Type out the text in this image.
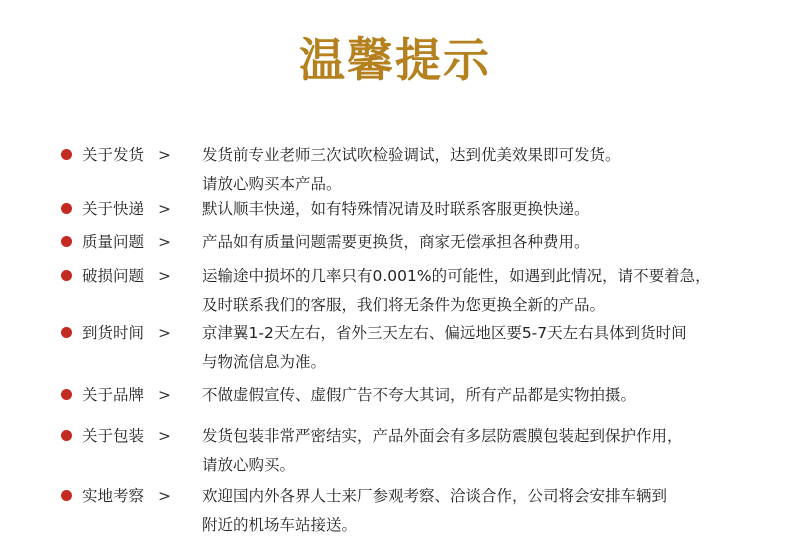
温馨提示
关于发货 > 发货前专业老师三次试吹检验调试，达到优美效果即可发货。
请放心购买本产品。
关于快递 > 默认顺丰快递，如有特殊情况请及时联系客服更换快递。
质量问题 > 产品如有质量问题需要更换货，商家无偿承担各种费用。
破损问题 > 运输途中损坏的几率只有0.001%的可能性，如遇到此情况，请不要着急，
及时联系我们的客服，我们将无条件为您更换全新的产品。
到货时间 > 京津翼1-2天左右，省外三天左右、偏远地区要5-7天左右具体到货时间
与物流信息为准。
关于品牌 > 不做虚假宣传、虚假广告不夸大其词，所有产品都是实物拍摄。
关于包装 > 发货包装非常严密结实，产品外面会有多层防震膜包装起到保护作用，
请放心购买。
实地考察 > 欢迎国内外各界人士来厂参观考察、洽谈合作，公司将会安排车辆到
附近的机场车站接送。
